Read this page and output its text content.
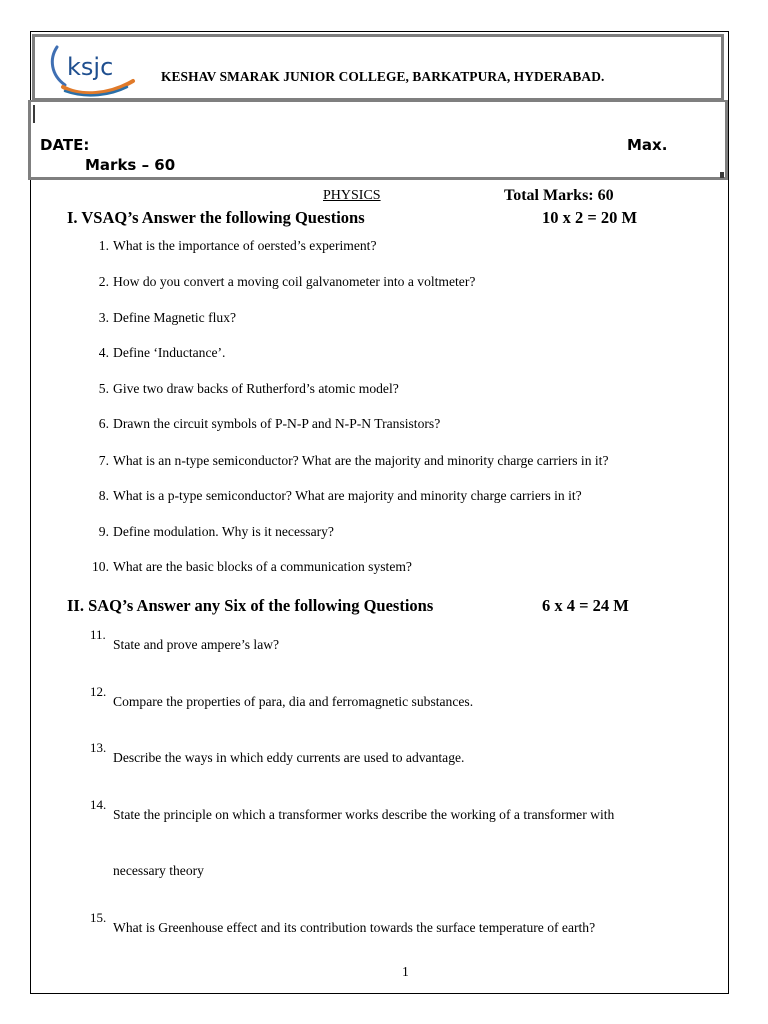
ksjc	KESHAV SMARAK JUNIOR COLLEGE, BARKATPURA, HYDERABAD.
DATE:	Max.
Marks – 60
PHYSICS	Total Marks: 60
I. VSAQ’s Answer the following Questions	10 x 2 = 20 M
1. What is the importance of oersted’s experiment?
2. How do you convert a moving coil galvanometer into a voltmeter?
3. Define Magnetic flux?
4. Define ‘Inductance’.
5. Give two draw backs of Rutherford’s atomic model?
6. Drawn the circuit symbols of P-N-P and N-P-N Transistors?
7. What is an n-type semiconductor? What are the majority and minority charge carriers in it?
8. What is a p-type semiconductor? What are majority and minority charge carriers in it?
9. Define modulation. Why is it necessary?
10. What are the basic blocks of a communication system?
II. SAQ’s Answer any Six of the following Questions	6 x 4 = 24 M
11.
State and prove ampere’s law?
12.
Compare the properties of para, dia and ferromagnetic substances.
13.
Describe the ways in which eddy currents are used to advantage.
14.
State the principle on which a transformer works describe the working of a transformer with
necessary theory
15.
What is Greenhouse effect and its contribution towards the surface temperature of earth?
1
